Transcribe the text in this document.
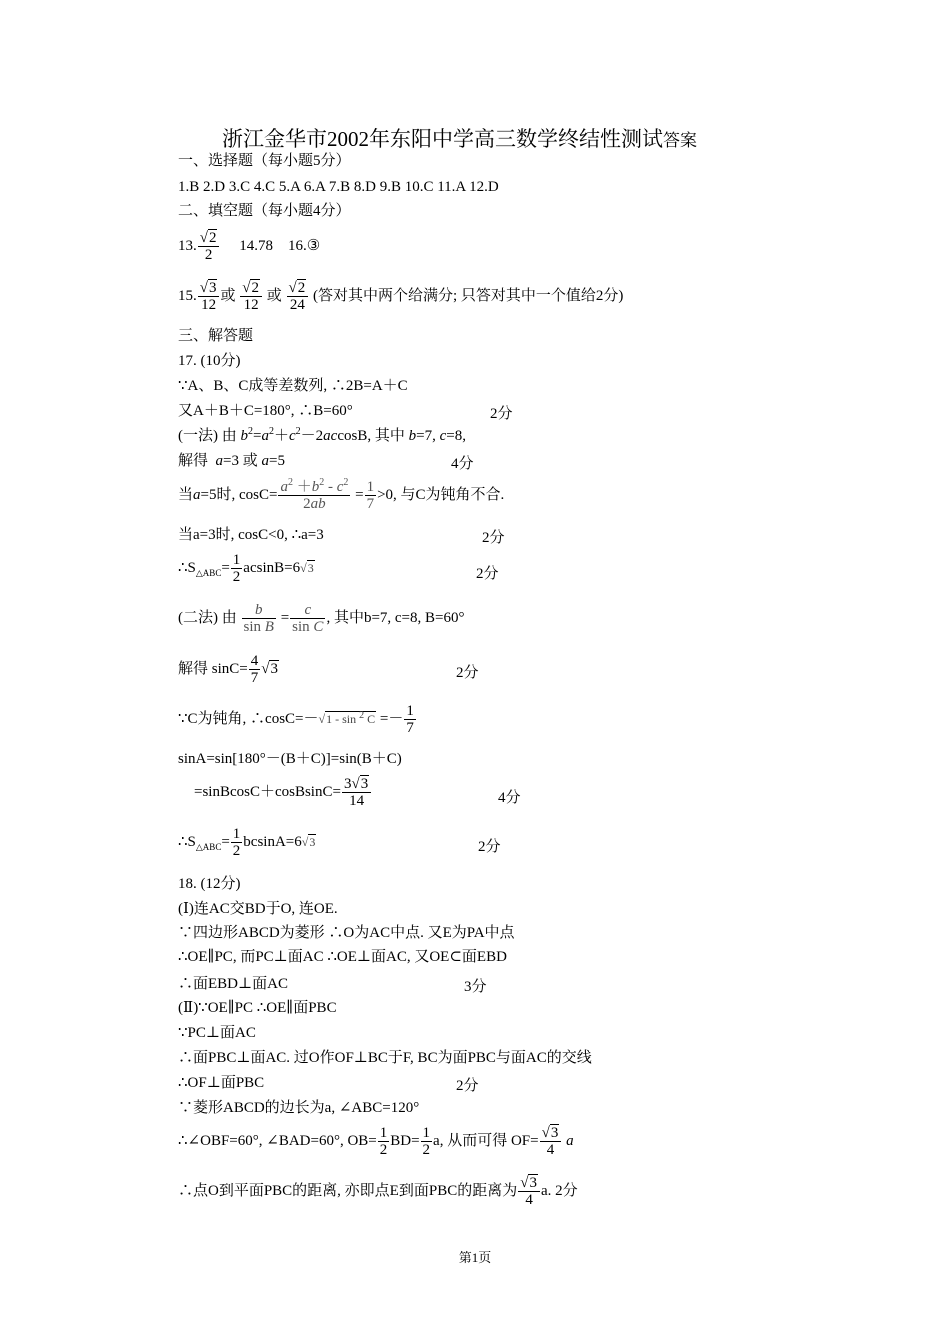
浙江金华市2002年东阳中学高三数学终结性测试答案
一、选择题（每小题5分）
1.B 2.D 3.C 4.C 5.A 6.A 7.B 8.D 9.B 10.C 11.A 12.D
二、填空题（每小题4分）
13. $\frac{√2}{2} 14.78$ 16.③
15. $\frac{√3}{12}$ 或 $\frac{√2}{12}$ 或 $\frac{√2}{24}$ (答对其中两个给满分; 只答对其中一个值给2分)
三、解答题
17. (10分)
∵A、B、C成等差数列, ∴2B=A＋C
又A＋B＋C=180°, ∴B=60°	2分
(一法) 由 $b^2=a^2+c^2-2accosB$, 其中 b=7, c=8,
解得 a=3 或 a=5	4分
当a=5时, $\cos C= \frac{a^2 +b^2 - c^2}{2ab} = \frac{1}{7} >0$, 与C为钝角不合.
当a=3时, cosC<0, ∴a=3	2分
$\therefore S_{\triangle ABC}= \frac{1}{2} acsinB=6√3$	2分
(二法) 由 $\frac{b}{\text{sin B}} = \frac{c}{\text{sin C}}$ , 其中b=7, c=8, B=60°
解得 $\sin C= \frac{4}{7} √3$	2分
∵C为钝角, ∴cosC=－√1 - sin $^2$ $C =- \frac{1}{7}$
sinA=sin[180°－(B＋C)]=sin(B＋C)
=sinBcosC＋cosBsinC= $\frac{3√3}{14}$	4分
$\therefore S_{\triangle ABC}= \frac{1}{2} bcsinA=6√3$	2分
18. (12分)
(Ⅰ)连AC交BD于O, 连OE.
∵四边形ABCD为菱形 ∴O为AC中点. 又E为PA中点
∴OE∥PC, 而PC⊥面AC ∴OE⊥面AC, 又OE⊂面EBD
∴面EBD⊥面AC	3分
(Ⅱ)∵OE∥PC ∴OE∥面PBC
∵PC⊥面AC
∴面PBC⊥面AC. 过O作OF⊥BC于F, BC为面PBC与面AC的交线
∴OF⊥面PBC	2分
∵菱形ABCD的边长为a, ∠ABC=120°
∴∠OBF=60°, ∠BAD=60°, $OB= \frac{1}{2} BD= \frac{1}{2} a$, 从而可得 $OF= \frac{√3}{4}$ a
∴点O到平面PBC的距离, 亦即点E到面PBC的距离为 $\frac{√3}{4} a$. 2分
第1页
